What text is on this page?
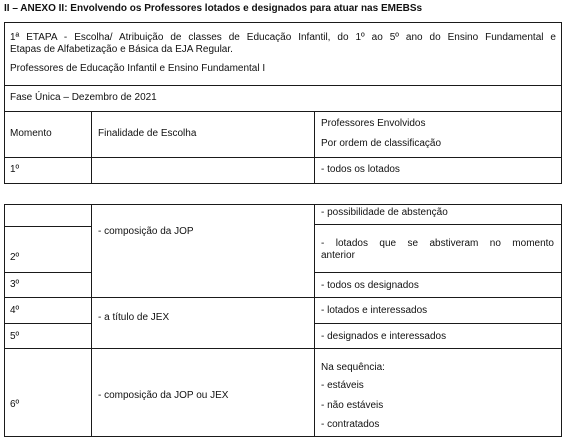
II – ANEXO II: Envolvendo os Professores lotados e designados para atuar nas EMEBSs
1ª ETAPA - Escolha/ Atribuição de classes de Educação Infantil, do 1º ao 5º ano do Ensino Fundamental e
Etapas de Alfabetização e Básica da EJA Regular.
Professores de Educação Infantil e Ensino Fundamental I
Fase Única – Dezembro de 2021
Momento	Finalidade de Escolha
Professores Envolvidos
Por ordem de classificação
1º	- todos os lotados
2º
3º
4º
5º
6º
- composição da JOP
- a título de JEX
- composição da JOP ou JEX
- possibilidade de abstenção
- lotados que se abstiveram no momento
anterior
- todos os designados
- lotados e interessados
- designados e interessados
Na sequência:
- estáveis
- não estáveis
- contratados
